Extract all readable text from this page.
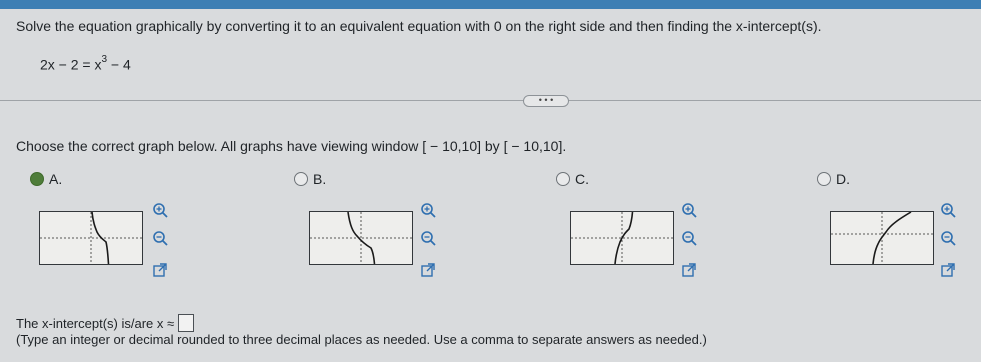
Solve the equation graphically by converting it to an equivalent equation with 0 on the right side and then finding the x-intercept(s).
$2x - 2 = x^3 - 4$
• • •
Choose the correct graph below. All graphs have viewing window [ − 10,10] by [ − 10,10].
A.	B.	C.	D.
The x-intercept(s) is/are x ≈
(Type an integer or decimal rounded to three decimal places as needed. Use a comma to separate answers as needed.)
